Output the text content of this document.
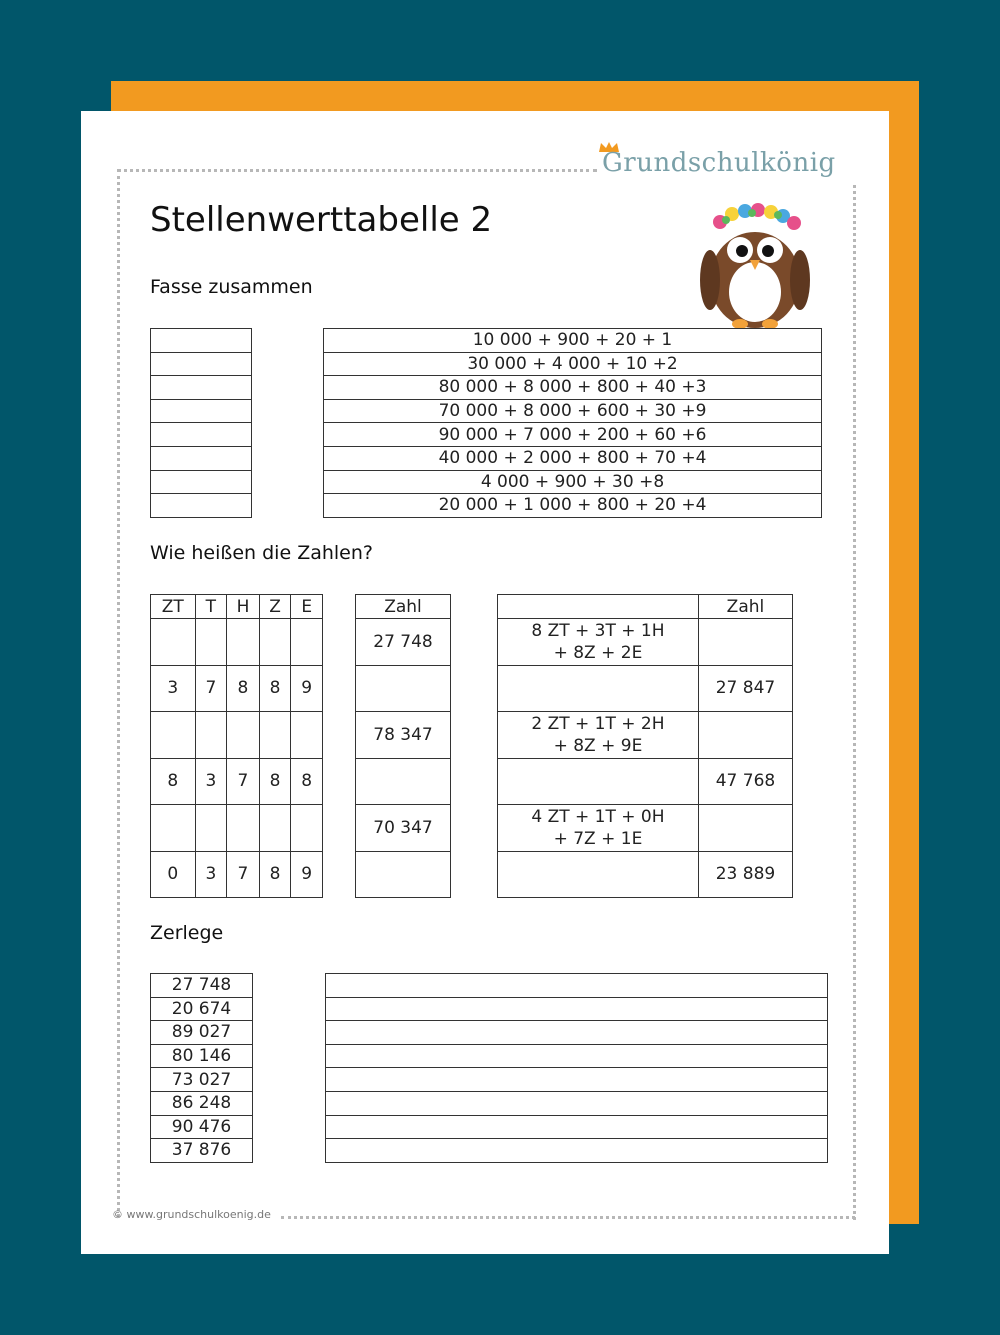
Grundschulkönig
Stellenwerttabelle 2
Fasse zusammen

10 000 + 900 + 20 + 1
30 000 + 4 000 + 10 +2
80 000 + 8 000 + 800 + 40 +3
70 000 + 8 000 + 600 + 30 +9
90 000 + 7 000 + 200 + 60 +6
40 000 + 2 000 + 800 + 70 +4
4 000 + 900 + 30 +8
20 000 + 1 000 + 800 + 20 +4
Wie heißen die Zahlen?
ZT	T	H	Z	E

3	7	8	8	9

8	3	7	8	8

0	3	7	8	9
Zahl
27 748

78 347

70 347

	Zahl
8 ZT + 3T + 1H + 8Z + 2E	
	27 847
2 ZT + 1T + 2H + 8Z + 9E	
	47 768
4 ZT + 1T + 0H + 7Z + 1E	
	23 889
Zerlege
27 748
20 674
89 027
80 146
73 027
86 248
90 476
37 876

© www.grundschulkoenig.de
